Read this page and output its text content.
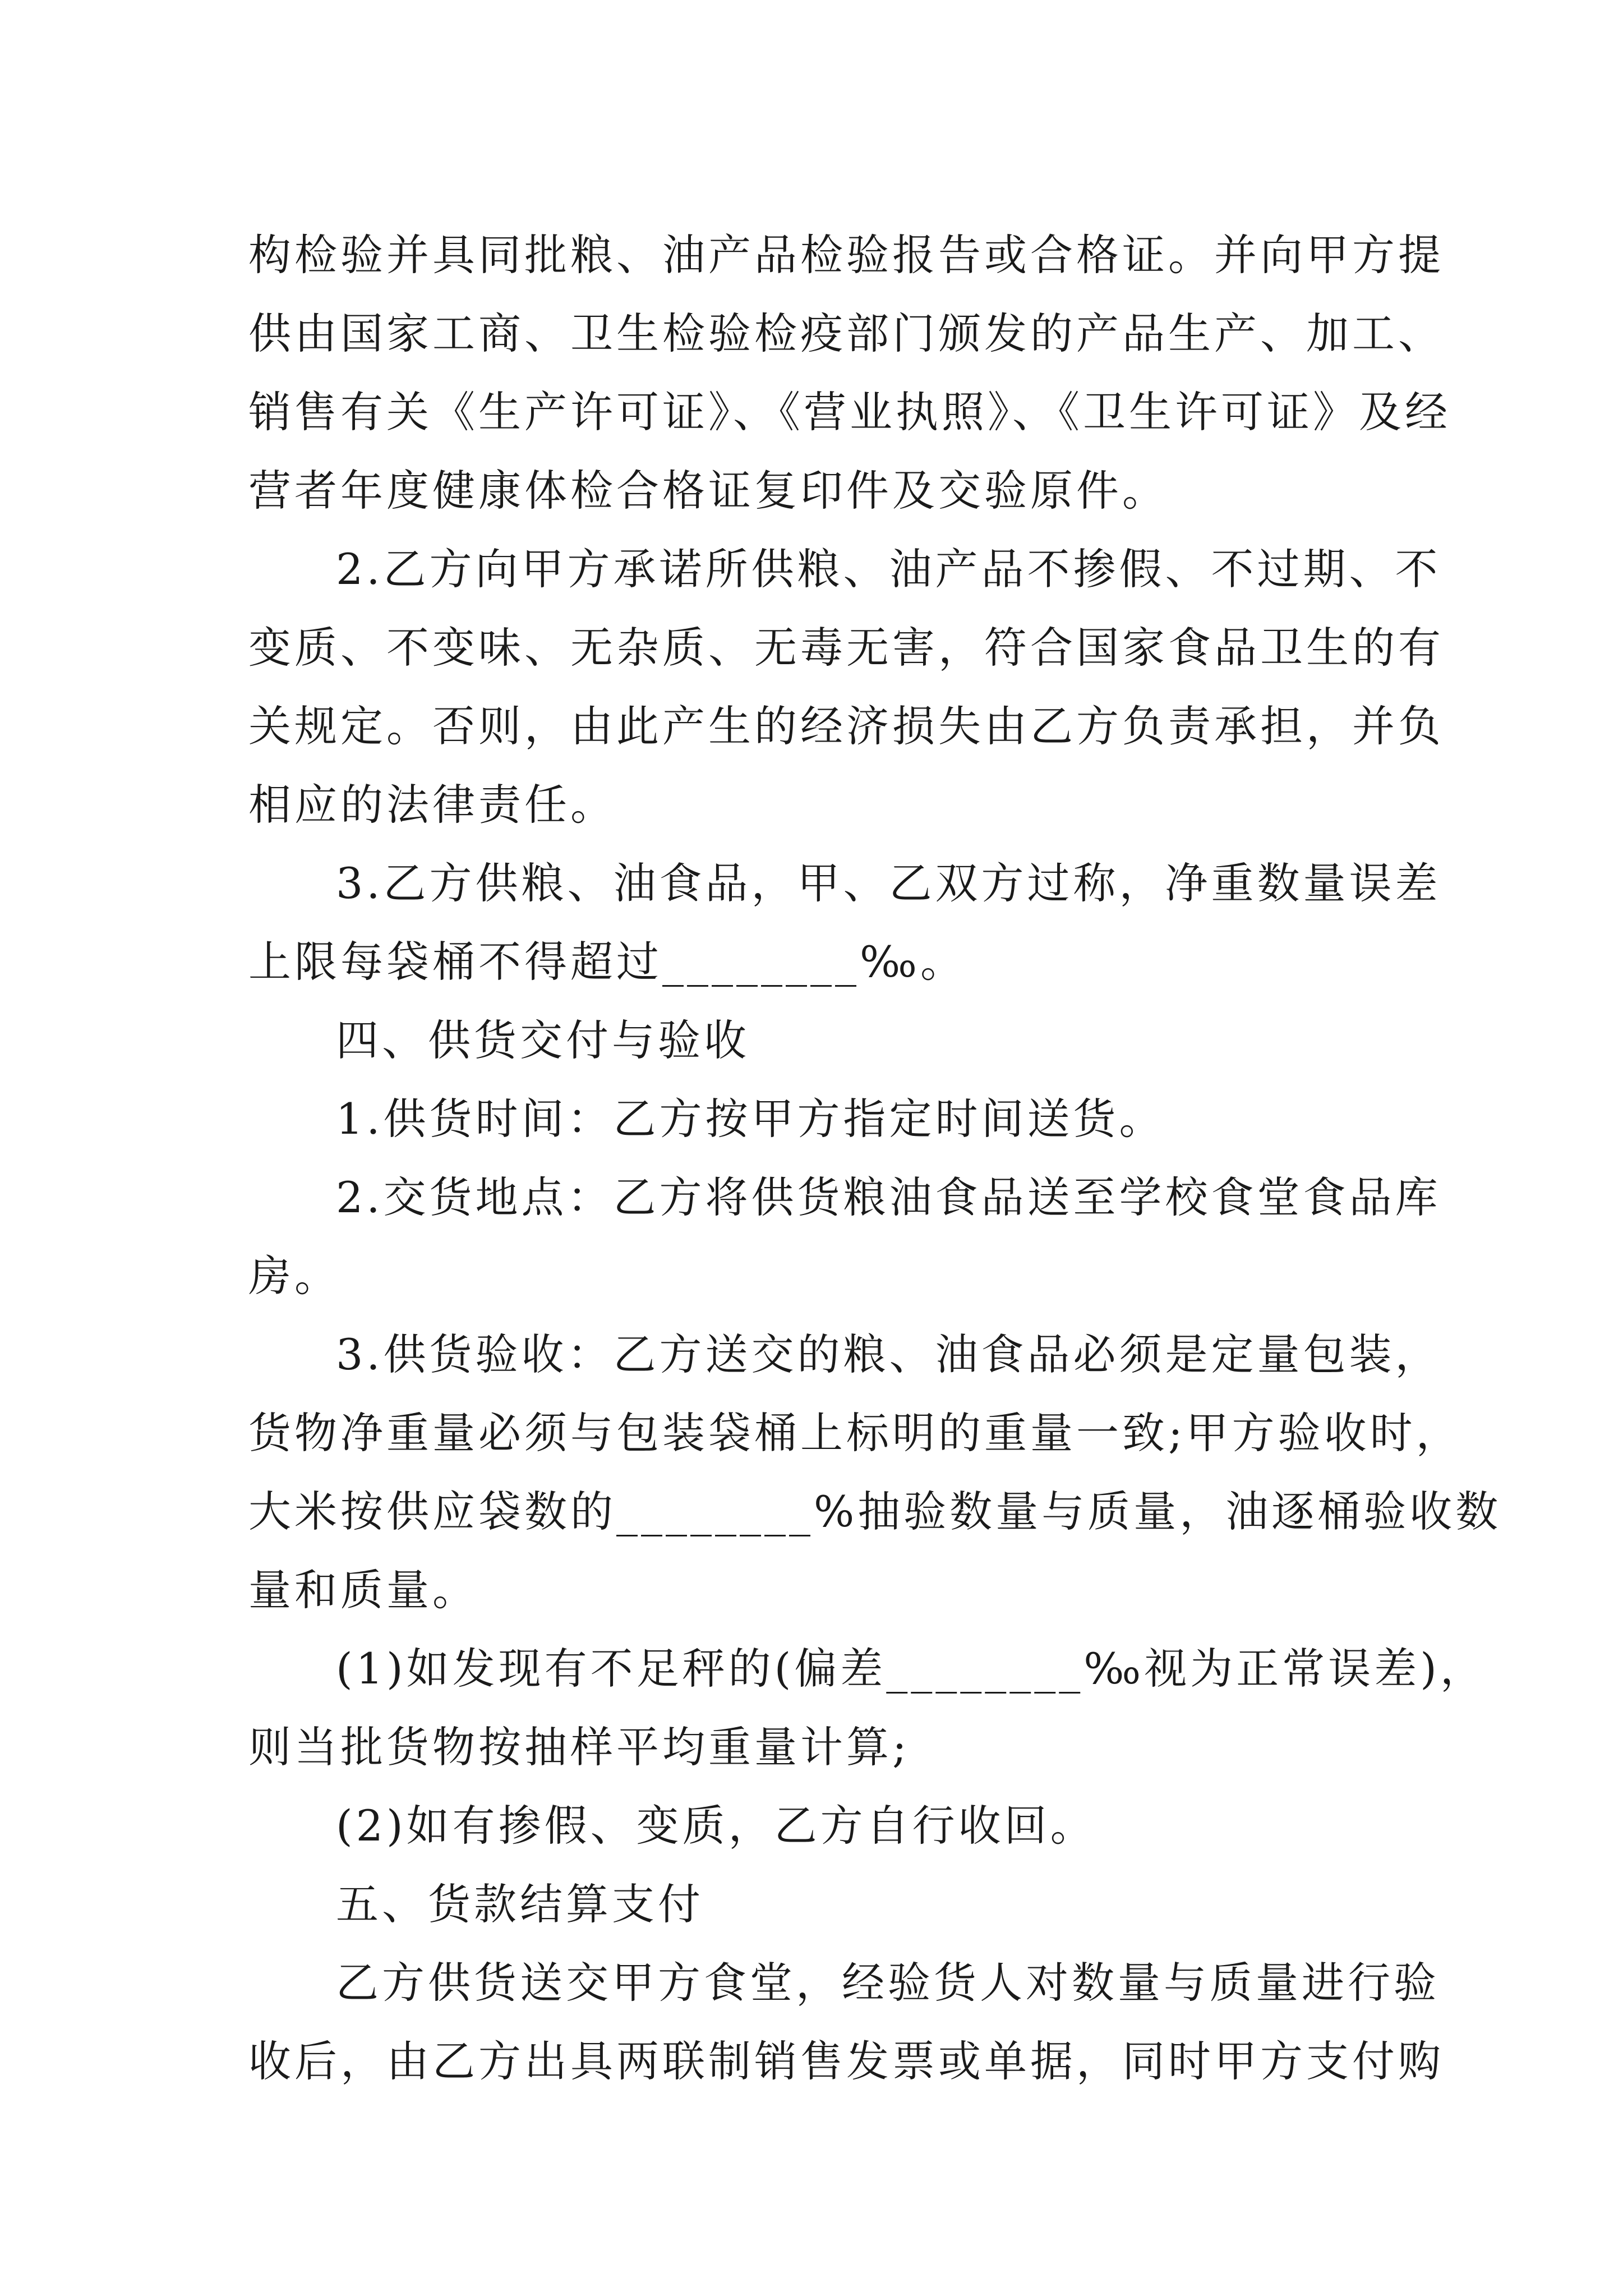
构检验并具同批粮、油产品检验报告或合格证。并向甲方提

供由国家工商、卫生检验检疫部门颁发的产品生产、加工、

销售有关《生产许可证》、《营业执照》、《卫生许可证》及经

营者年度健康体检合格证复印件及交验原件。

2.乙方向甲方承诺所供粮、油产品不掺假、不过期、不

变质、不变味、无杂质、无毒无害，符合国家食品卫生的有

关规定。否则，由此产生的经济损失由乙方负责承担，并负

相应的法律责任。

3.乙方供粮、油食品，甲、乙双方过称，净重数量误差

上限每袋桶不得超过________‰。

四、供货交付与验收

1.供货时间：乙方按甲方指定时间送货。

2.交货地点：乙方将供货粮油食品送至学校食堂食品库

房。

3.供货验收：乙方送交的粮、油食品必须是定量包装，

货物净重量必须与包装袋桶上标明的重量一致;甲方验收时，

大米按供应袋数的________%抽验数量与质量，油逐桶验收数

量和质量。

(1)如发现有不足秤的(偏差________‰视为正常误差)，

则当批货物按抽样平均重量计算;

(2)如有掺假、变质，乙方自行收回。

五、货款结算支付

乙方供货送交甲方食堂，经验货人对数量与质量进行验

收后，由乙方出具两联制销售发票或单据，同时甲方支付购
